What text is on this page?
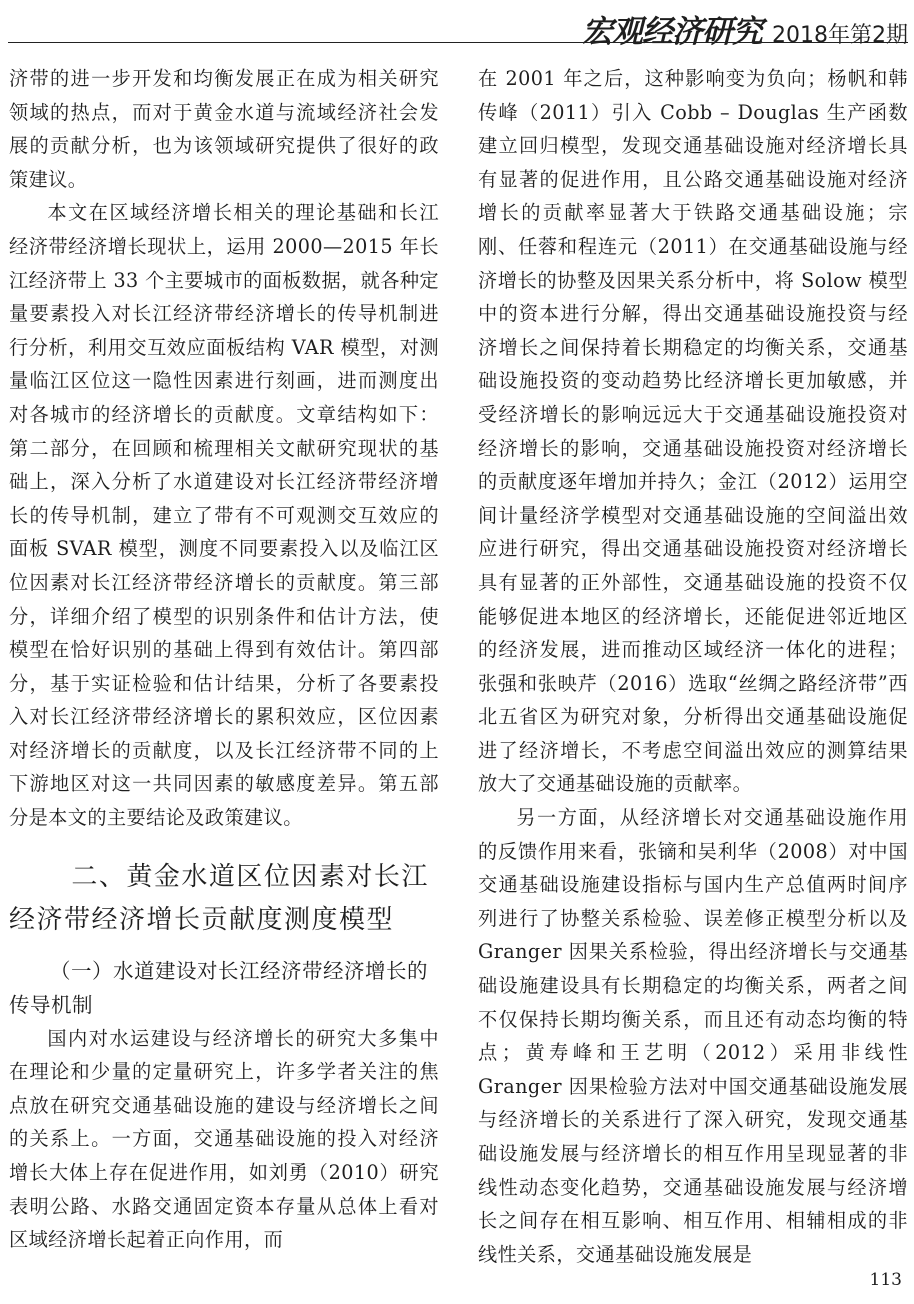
宏观经济研究 2018年第2期

济带的进一步开发和均衡发展正在成为相关研究领域的热点，而对于黄金水道与流域经济社会发展的贡献分析，也为该领域研究提供了很好的政策建议。

本文在区域经济增长相关的理论基础和长江经济带经济增长现状上，运用 2000—2015 年长江经济带上 33 个主要城市的面板数据，就各种定量要素投入对长江经济带经济增长的传导机制进行分析，利用交互效应面板结构 VAR 模型，对测量临江区位这一隐性因素进行刻画，进而测度出对各城市的经济增长的贡献度。文章结构如下：第二部分，在回顾和梳理相关文献研究现状的基础上，深入分析了水道建设对长江经济带经济增长的传导机制，建立了带有不可观测交互效应的面板 SVAR 模型，测度不同要素投入以及临江区位因素对长江经济带经济增长的贡献度。第三部分，详细介绍了模型的识别条件和估计方法，使模型在恰好识别的基础上得到有效估计。第四部分，基于实证检验和估计结果，分析了各要素投入对长江经济带经济增长的累积效应，区位因素对经济增长的贡献度，以及长江经济带不同的上下游地区对这一共同因素的敏感度差异。第五部分是本文的主要结论及政策建议。

二、黄金水道区位因素对长江经济带经济增长贡献度测度模型
（一）水道建设对长江经济带经济增长的传导机制

国内对水运建设与经济增长的研究大多集中在理论和少量的定量研究上，许多学者关注的焦点放在研究交通基础设施的建设与经济增长之间的关系上。一方面，交通基础设施的投入对经济增长大体上存在促进作用，如刘勇（2010）研究表明公路、水路交通固定资本存量从总体上看对区域经济增长起着正向作用，而

在 2001 年之后，这种影响变为负向；杨帆和韩传峰（2011）引入 Cobb – Douglas 生产函数建立回归模型，发现交通基础设施对经济增长具有显著的促进作用，且公路交通基础设施对经济增长的贡献率显著大于铁路交通基础设施；宗刚、任蓉和程连元（2011）在交通基础设施与经济增长的协整及因果关系分析中，将 Solow 模型中的资本进行分解，得出交通基础设施投资与经济增长之间保持着长期稳定的均衡关系，交通基础设施投资的变动趋势比经济增长更加敏感，并受经济增长的影响远远大于交通基础设施投资对经济增长的影响，交通基础设施投资对经济增长的贡献度逐年增加并持久；金江（2012）运用空间计量经济学模型对交通基础设施的空间溢出效应进行研究，得出交通基础设施投资对经济增长具有显著的正外部性，交通基础设施的投资不仅能够促进本地区的经济增长，还能促进邻近地区的经济发展，进而推动区域经济一体化的进程；张强和张映芹（2016）选取“丝绸之路经济带”西北五省区为研究对象，分析得出交通基础设施促进了经济增长，不考虑空间溢出效应的测算结果放大了交通基础设施的贡献率。

另一方面，从经济增长对交通基础设施作用的反馈作用来看，张镝和吴利华（2008）对中国交通基础设施建设指标与国内生产总值两时间序列进行了协整关系检验、误差修正模型分析以及 Granger 因果关系检验，得出经济增长与交通基础设施建设具有长期稳定的均衡关系，两者之间不仅保持长期均衡关系，而且还有动态均衡的特点；黄寿峰和王艺明（2012）采用非线性 Granger 因果检验方法对中国交通基础设施发展与经济增长的关系进行了深入研究，发现交通基础设施发展与经济增长的相互作用呈现显著的非线性动态变化趋势，交通基础设施发展与经济增长之间存在相互影响、相互作用、相辅相成的非线性关系，交通基础设施发展是

113
